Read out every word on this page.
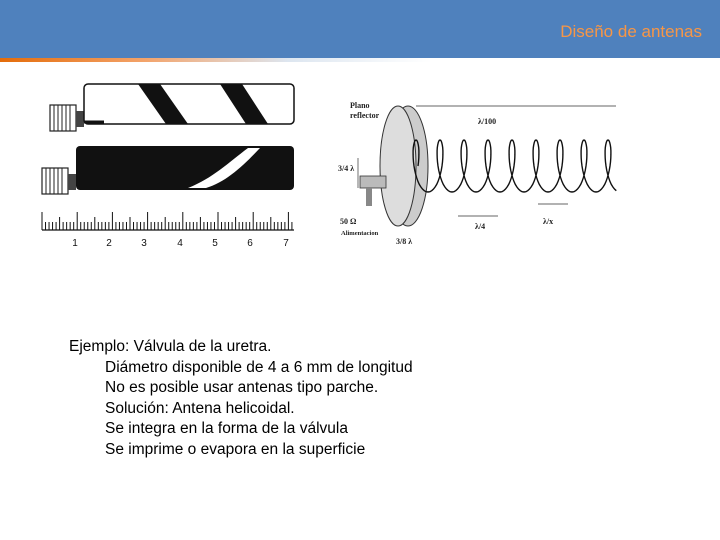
Diseño de antenas
1	2	3	4	5	6	7
Plano
reflector
λ/100
3/4 λ
50 Ω
Alimentacion
λ/4
λ/x
3/8 λ
Ejemplo: Válvula de la uretra.
Diámetro disponible de 4 a 6 mm de longitud
No es posible usar antenas tipo parche.
Solución: Antena helicoidal.
Se integra en la forma de la válvula
Se imprime o evapora en la superficie
